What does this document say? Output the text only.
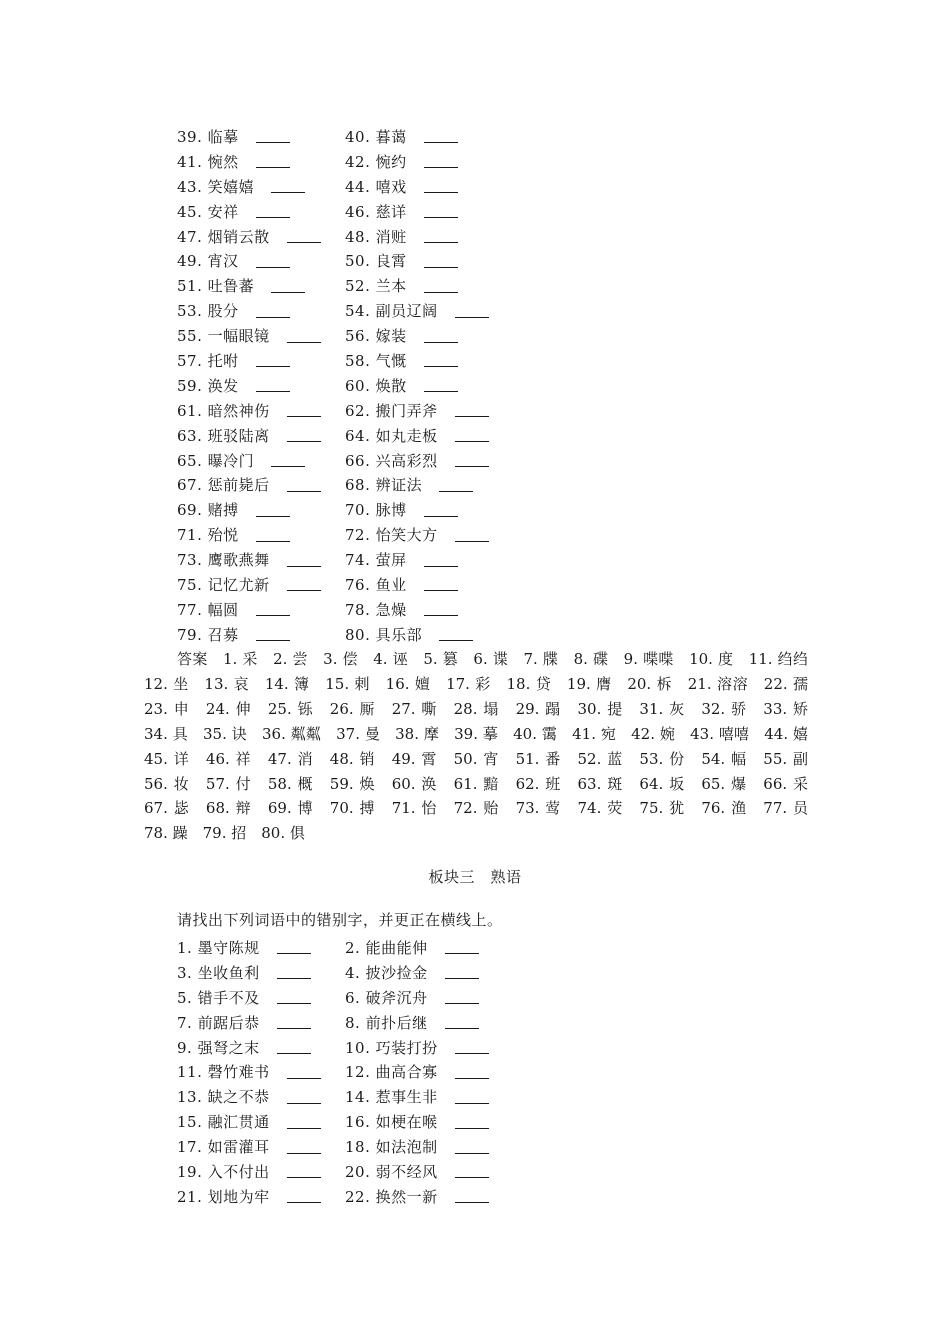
39. 临摹	40. 暮蔼
41. 惋然	42. 惋约
43. 笑嬉嬉	44. 嘻戏
45. 安祥	46. 慈详
47. 烟销云散	48. 消赃
49. 宵汉	50. 良霄
51. 吐鲁蕃	52. 兰本
53. 股分	54. 副员辽阔
55. 一幅眼镜	56. 嫁装
57. 托咐	58. 气慨
59. 涣发	60. 焕散
61. 暗然神伤	62. 搬门弄斧
63. 班驳陆离	64. 如丸走板
65. 曝冷门	66. 兴高彩烈
67. 惩前毙后	68. 辨证法
69. 赌搏	70. 脉博
71. 殆悦	72. 怡笑大方
73. 鹰歌燕舞	74. 萤屏
75. 记忆尤新	76. 鱼业
77. 幅圆	78. 急燥
79. 召募	80. 具乐部
答案　 1. 采　2. 尝　3. 偿　4. 诬　5. 篡　6. 谍　7. 牒　8. 碟　9. 喋喋　10. 度　11. 绉绉　12. 坐　13. 哀　14. 簿　15. 剌　16. 嬗　17. 彩　18. 贷　19. 膺　20. 柝　21. 溶溶　22. 孺　23. 申　24. 伸　25. 铄　26. 厮　27. 嘶　28. 塌　29. 蹋　30. 提　31. 灰　32. 骄　33. 矫　34. 具　35. 诀　36. 粼粼　37. 曼　38. 摩　39. 摹　40. 霭　41. 宛　42. 婉　43. 嘻嘻　44. 嬉　45. 详　46. 祥　47. 消　48. 销　49. 霄　50. 宵　51. 番　52. 蓝　53. 份　54. 幅　55. 副　56. 妆　57. 付　58. 概　59. 焕　60. 涣　61. 黯　62. 班　63. 斑　64. 坂　65. 爆　66. 采　67. 毖　68. 辩　69. 博　70. 搏　71. 怡　72. 贻　73. 莺　74. 荧　75. 犹　76. 渔　77. 员　78. 躁　79. 招　80. 俱
板块三　熟语
请找出下列词语中的错别字，并更正在横线上。
1. 墨守陈规	2. 能曲能伸
3. 坐收鱼利	4. 披沙捡金
5. 错手不及	6. 破斧沉舟
7. 前踞后恭	8. 前扑后继
9. 强弩之末	10. 巧装打扮
11. 磬竹难书	12. 曲高合寡
13. 缺之不恭	14. 惹事生非
15. 融汇贯通	16. 如梗在喉
17. 如雷灌耳	18. 如法泡制
19. 入不付出	20. 弱不经风
21. 划地为牢	22. 换然一新
